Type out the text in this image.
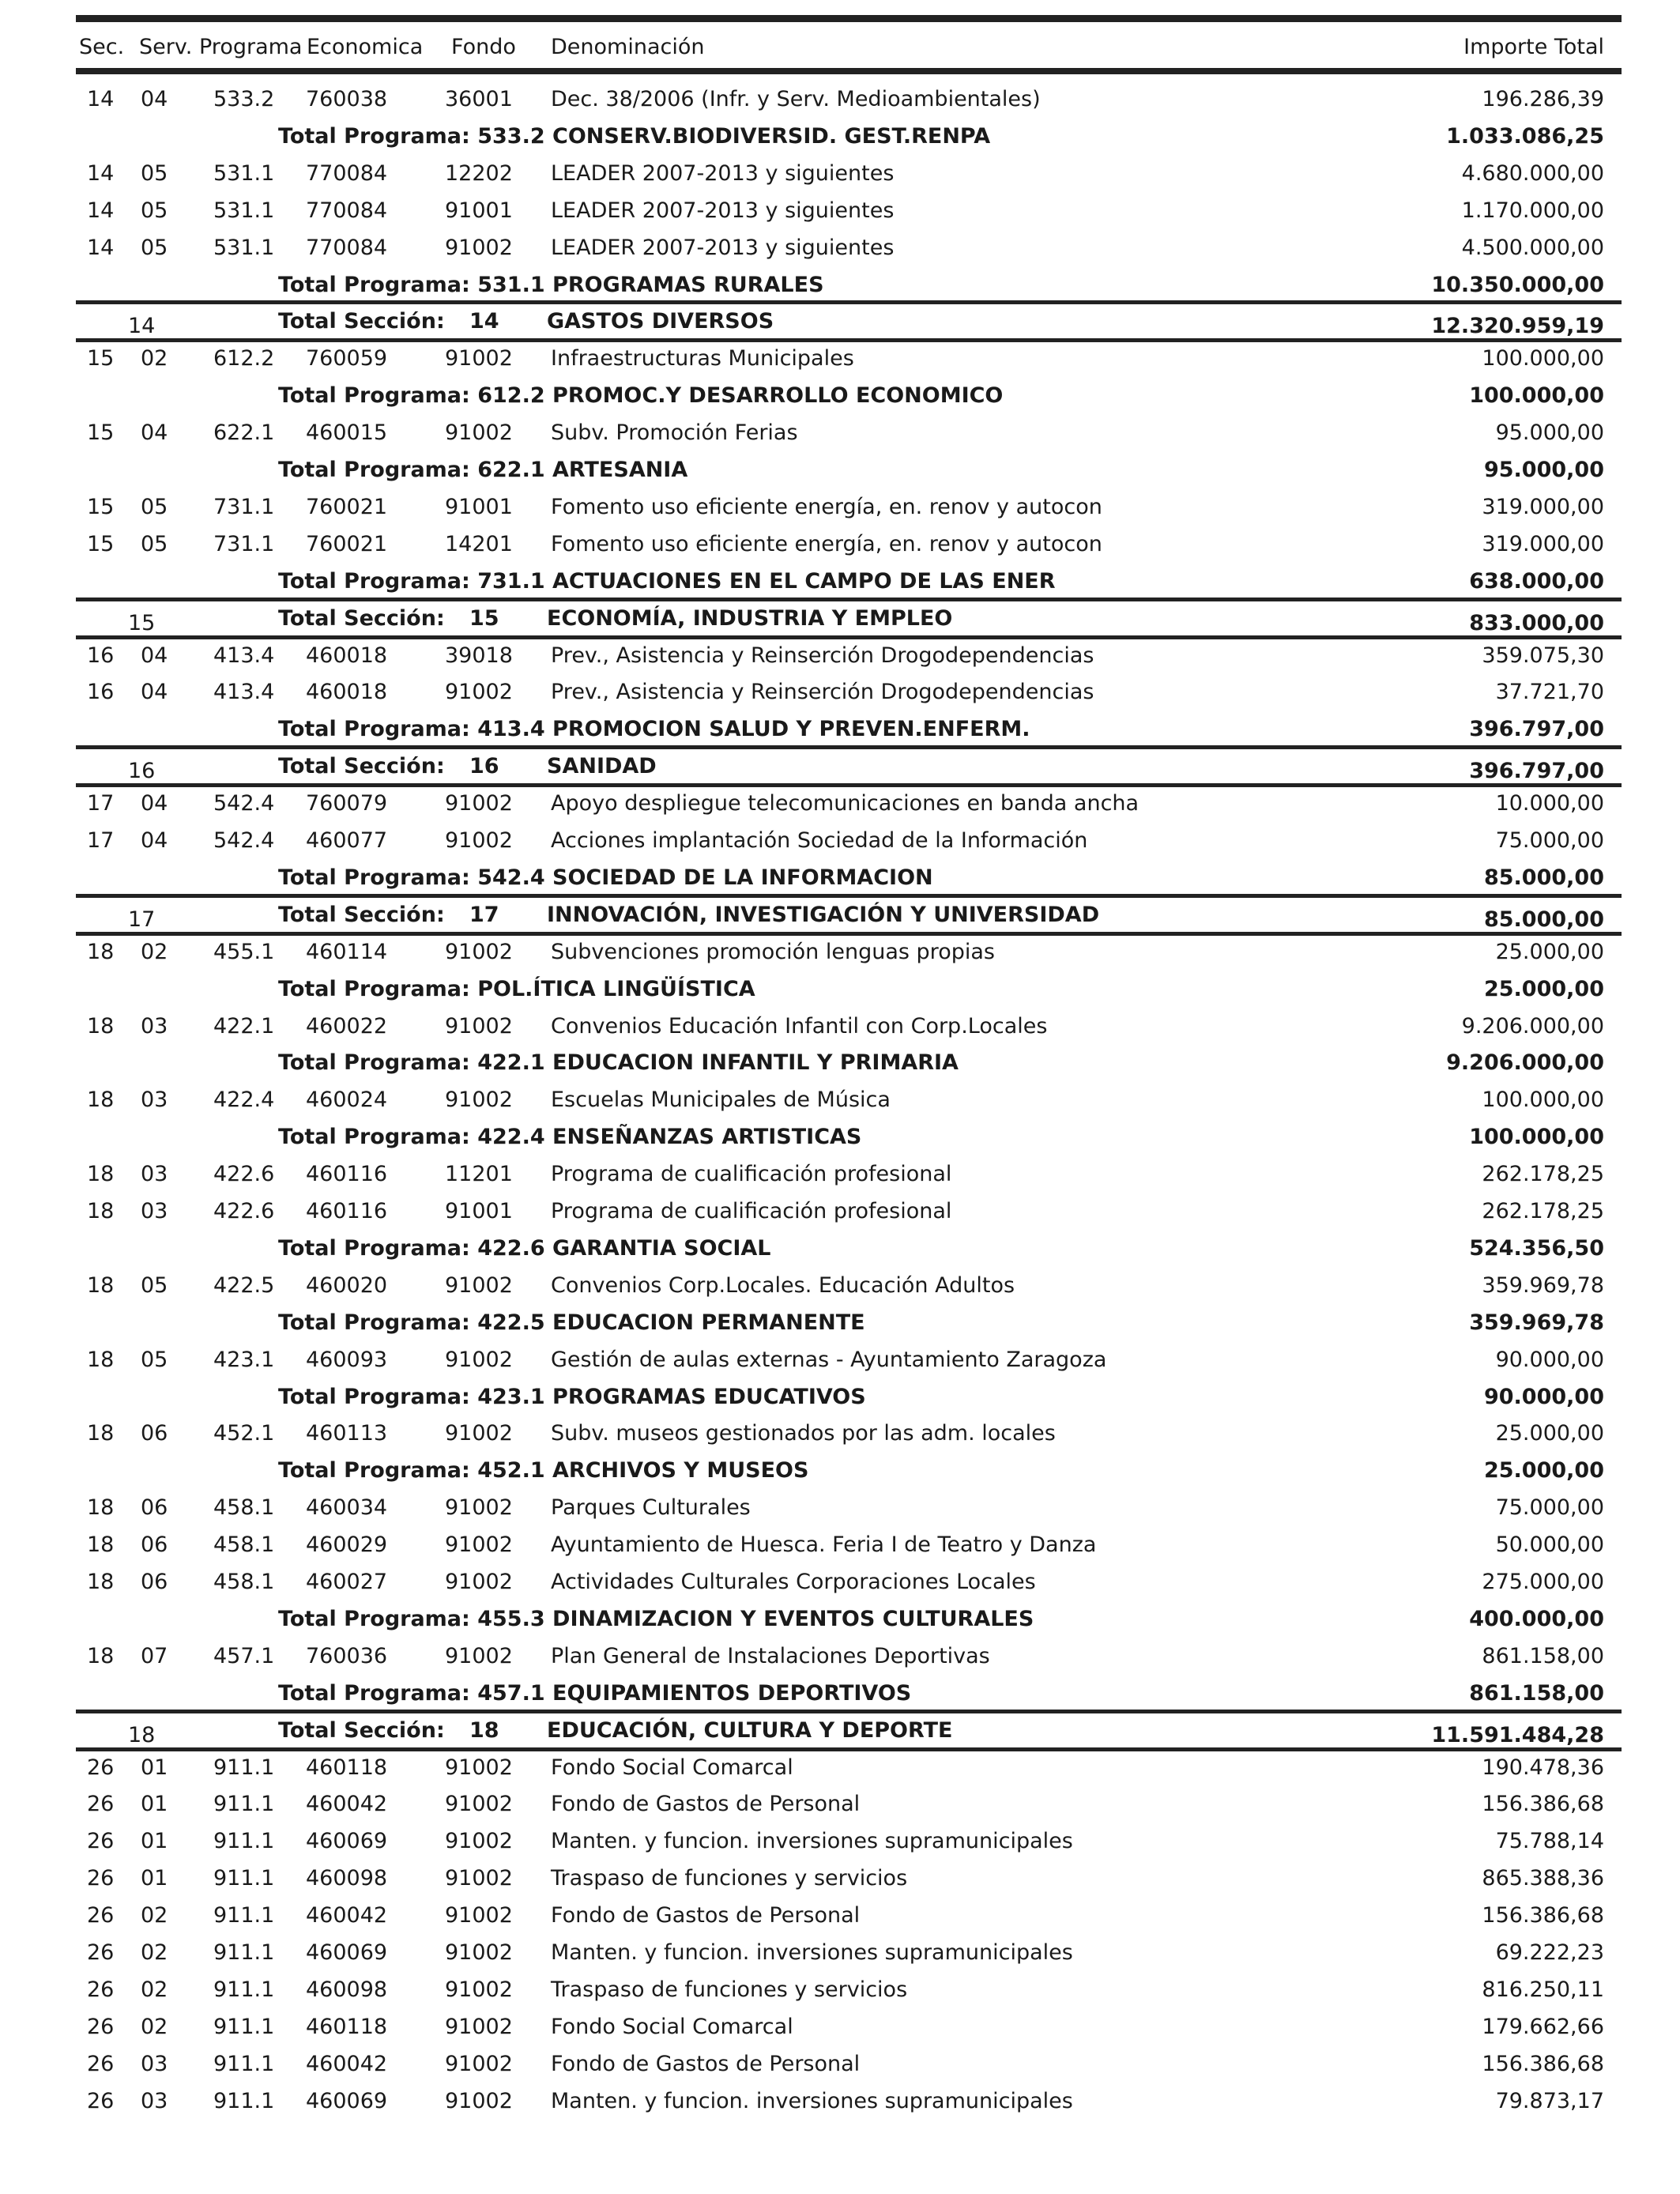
Sec. Serv. Programa Economica Fondo Denominación	Importe Total
14 04 533.2 760038	36001 Dec. 38/2006 (Infr. y Serv. Medioambientales)	196.286,39
Total Programa: 533.2 CONSERV.BIODIVERSID. GEST.RENPA	1.033.086,25
14 05 531.1 770084	12202 LEADER 2007-2013 y siguientes	4.680.000,00
14 05 531.1 770084	91001 LEADER 2007-2013 y siguientes	1.170.000,00
14 05 531.1 770084	91002 LEADER 2007-2013 y siguientes	4.500.000,00
Total Programa: 531.1 PROGRAMAS RURALES	10.350.000,00
14	Total Sección: 14 GASTOS DIVERSOS	12.320.959,19
15 02 612.2 760059	91002 Infraestructuras Municipales	100.000,00
Total Programa: 612.2 PROMOC.Y DESARROLLO ECONOMICO	100.000,00
15 04 622.1 460015	91002 Subv. Promoción Ferias	95.000,00
Total Programa: 622.1 ARTESANIA	95.000,00
15 05 731.1 760021	91001 Fomento uso eficiente energía, en. renov y autocon	319.000,00
15 05 731.1 760021	14201 Fomento uso eficiente energía, en. renov y autocon	319.000,00
Total Programa: 731.1 ACTUACIONES EN EL CAMPO DE LAS ENER	638.000,00
15	Total Sección: 15 ECONOMÍA, INDUSTRIA Y EMPLEO	833.000,00
16 04 413.4 460018	39018 Prev., Asistencia y Reinserción Drogodependencias	359.075,30
16 04 413.4 460018	91002 Prev., Asistencia y Reinserción Drogodependencias	37.721,70
Total Programa: 413.4 PROMOCION SALUD Y PREVEN.ENFERM.	396.797,00
16	Total Sección: 16 SANIDAD	396.797,00
17 04 542.4 760079	91002 Apoyo despliegue telecomunicaciones en banda ancha	10.000,00
17 04 542.4 460077	91002 Acciones implantación Sociedad de la Información	75.000,00
Total Programa: 542.4 SOCIEDAD DE LA INFORMACION	85.000,00
17	Total Sección: 17 INNOVACIÓN, INVESTIGACIÓN Y UNIVERSIDAD	85.000,00
18 02 455.1 460114	91002 Subvenciones promoción lenguas propias	25.000,00
Total Programa: POL.ÍTICA LINGÜÍSTICA	25.000,00
18 03 422.1 460022	91002 Convenios Educación Infantil con Corp.Locales	9.206.000,00
Total Programa: 422.1 EDUCACION INFANTIL Y PRIMARIA	9.206.000,00
18 03 422.4 460024	91002 Escuelas Municipales de Música	100.000,00
Total Programa: 422.4 ENSEÑANZAS ARTISTICAS	100.000,00
18 03 422.6 460116	11201 Programa de cualificación profesional	262.178,25
18 03 422.6 460116	91001 Programa de cualificación profesional	262.178,25
Total Programa: 422.6 GARANTIA SOCIAL	524.356,50
18 05 422.5 460020	91002 Convenios Corp.Locales. Educación Adultos	359.969,78
Total Programa: 422.5 EDUCACION PERMANENTE	359.969,78
18 05 423.1 460093	91002 Gestión de aulas externas - Ayuntamiento Zaragoza	90.000,00
Total Programa: 423.1 PROGRAMAS EDUCATIVOS	90.000,00
18 06 452.1 460113	91002 Subv. museos gestionados por las adm. locales	25.000,00
Total Programa: 452.1 ARCHIVOS Y MUSEOS	25.000,00
18 06 458.1 460034	91002 Parques Culturales	75.000,00
18 06 458.1 460029	91002 Ayuntamiento de Huesca. Feria I de Teatro y Danza	50.000,00
18 06 458.1 460027	91002 Actividades Culturales Corporaciones Locales	275.000,00
Total Programa: 455.3 DINAMIZACION Y EVENTOS CULTURALES	400.000,00
18 07 457.1 760036	91002 Plan General de Instalaciones Deportivas	861.158,00
Total Programa: 457.1 EQUIPAMIENTOS DEPORTIVOS	861.158,00
18	Total Sección: 18 EDUCACIÓN, CULTURA Y DEPORTE	11.591.484,28
26 01 911.1 460118	91002 Fondo Social Comarcal	190.478,36
26 01 911.1 460042	91002 Fondo de Gastos de Personal	156.386,68
26 01 911.1 460069	91002 Manten. y funcion. inversiones supramunicipales	75.788,14
26 01 911.1 460098	91002 Traspaso de funciones y servicios	865.388,36
26 02 911.1 460042	91002 Fondo de Gastos de Personal	156.386,68
26 02 911.1 460069	91002 Manten. y funcion. inversiones supramunicipales	69.222,23
26 02 911.1 460098	91002 Traspaso de funciones y servicios	816.250,11
26 02 911.1 460118	91002 Fondo Social Comarcal	179.662,66
26 03 911.1 460042	91002 Fondo de Gastos de Personal	156.386,68
26 03 911.1 460069	91002 Manten. y funcion. inversiones supramunicipales	79.873,17
